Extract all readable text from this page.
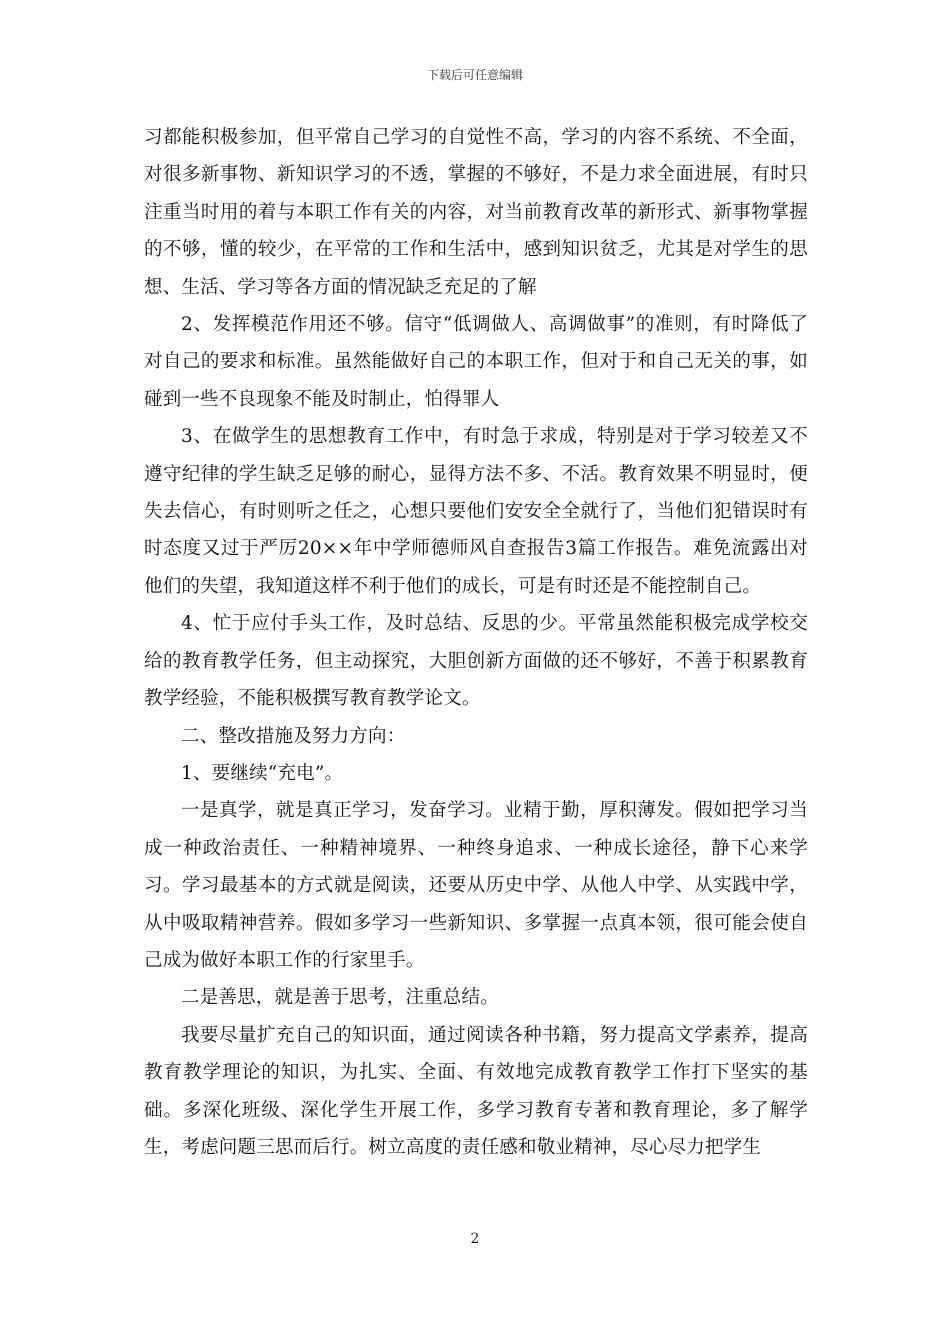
下载后可任意编辑

习都能积极参加，但平常自己学习的自觉性不高，学习的内容不系统、不全面，对很多新事物、新知识学习的不透，掌握的不够好，不是力求全面进展，有时只注重当时用的着与本职工作有关的内容，对当前教育改革的新形式、新事物掌握的不够，懂的较少，在平常的工作和生活中，感到知识贫乏，尤其是对学生的思想、生活、学习等各方面的情况缺乏充足的了解

2、发挥模范作用还不够。信守“低调做人、高调做事”的准则，有时降低了对自己的要求和标准。虽然能做好自己的本职工作，但对于和自己无关的事，如碰到一些不良现象不能及时制止，怕得罪人

3、在做学生的思想教育工作中，有时急于求成，特别是对于学习较差又不遵守纪律的学生缺乏足够的耐心，显得方法不多、不活。教育效果不明显时，便失去信心，有时则听之任之，心想只要他们安安全全就行了，当他们犯错误时有时态度又过于严厉20××年中学师德师风自查报告3篇工作报告。难免流露出对他们的失望，我知道这样不利于他们的成长，可是有时还是不能控制自己。

4、忙于应付手头工作，及时总结、反思的少。平常虽然能积极完成学校交给的教育教学任务，但主动探究，大胆创新方面做的还不够好，不善于积累教育教学经验，不能积极撰写教育教学论文。

二、整改措施及努力方向：

1、要继续“充电”。

一是真学，就是真正学习，发奋学习。业精于勤，厚积薄发。假如把学习当成一种政治责任、一种精神境界、一种终身追求、一种成长途径，静下心来学习。学习最基本的方式就是阅读，还要从历史中学、从他人中学、从实践中学，从中吸取精神营养。假如多学习一些新知识、多掌握一点真本领，很可能会使自己成为做好本职工作的行家里手。

二是善思，就是善于思考，注重总结。

我要尽量扩充自己的知识面，通过阅读各种书籍，努力提高文学素养，提高教育教学理论的知识，为扎实、全面、有效地完成教育教学工作打下坚实的基础。多深化班级、深化学生开展工作，多学习教育专著和教育理论，多了解学生，考虑问题三思而后行。树立高度的责任感和敬业精神，尽心尽力把学生

2
